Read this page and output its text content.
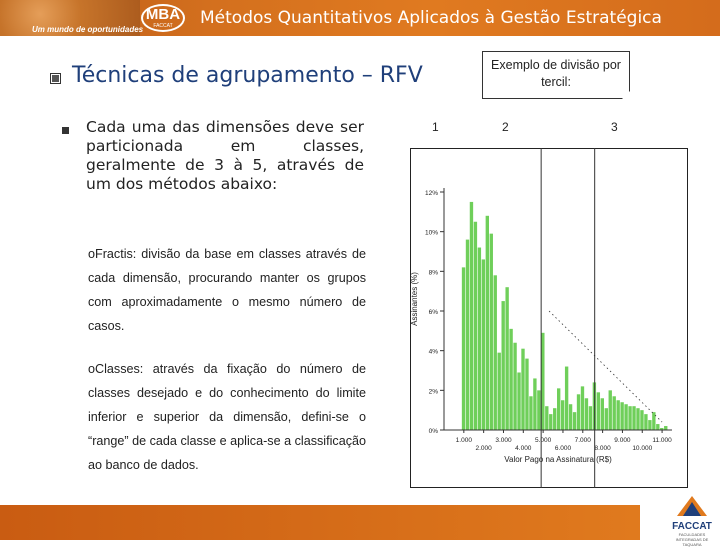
Um mundo de oportunidades
MBA
FACCAT	Métodos Quantitativos Aplicados à Gestão Estratégica
Técnicas de agrupamento – RFV
Cada uma das dimensões deve ser particionada em classes, geralmente de 3 à 5, através de um dos métodos abaixo:
oFractis: divisão da base em classes através de cada dimensão, procurando manter os grupos com aproximadamente o mesmo número de casos.
oClasses: através da fixação do número de classes desejado e do conhecimento do limite inferior e superior da dimensão, defini-se o “range” de cada classe e aplica-se a classificação ao banco de dados.
Exemplo de divisão por tercil:
1	2	3
0%
2%
4%
6%
8%
10%
12%
1.000	3.000	5.000	7.000	9.000	11.000
2.000	4.000	6.000	8.000	10.000
Valor Pago na Assinatura (R$)
Assinantes (%)
FACCAT
FACULDADES INTEGRADAS DE TAQUARA
